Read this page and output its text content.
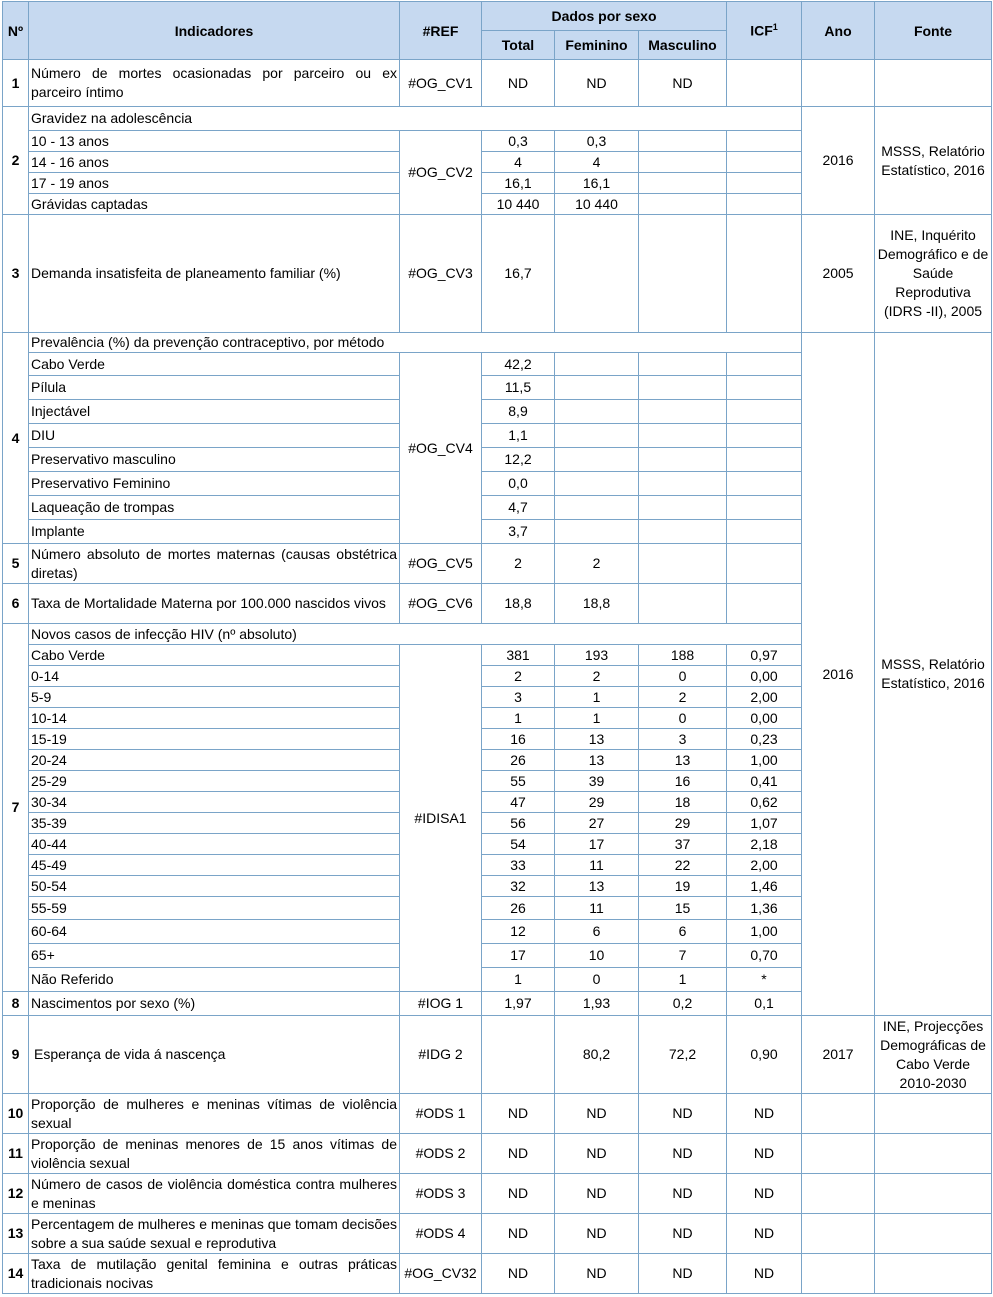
Nº	Indicadores	#REF	Dados por sexo			ICF$^1$	Ano	Fonte
			Total	Feminino	Masculino			
1	Número de mortes ocasionadas por parceiro ou ex parceiro íntimo	#OG_CV1	ND	ND	ND			
2	Gravidez na adolescência						2016	MSSS, Relatório Estatístico, 2016
	10 - 13 anos	#OG_CV2	0,3	0,3				
	14 - 16 anos		4	4				
	17 - 19 anos		16,1	16,1				
	Grávidas captadas		10 440	10 440				
3	Demanda insatisfeita de planeamento familiar (%)	#OG_CV3	16,7				2005	INE, Inquérito Demográfico e de Saúde Reprodutiva (IDRS -II), 2005
4	Prevalência (%) da prevenção contraceptivo, por método						2016	MSSS, Relatório Estatístico, 2016
	Cabo Verde	#OG_CV4	42,2					
	Pílula		11,5					
	Injectável		8,9					
	DIU		1,1					
	Preservativo masculino		12,2					
	Preservativo Feminino		0,0					
	Laqueação de trompas		4,7					
	Implante		3,7					
5	Número absoluto de mortes maternas (causas obstétrica diretas)	#OG_CV5	2	2				
6	Taxa de Mortalidade Materna por 100.000 nascidos vivos	#OG_CV6	18,8	18,8				
7	Novos casos de infecção HIV (nº absoluto)							
	Cabo Verde	#IDISA1	381	193	188	0,97		
	0-14		2	2	0	0,00		
	5-9		3	1	2	2,00		
	10-14		1	1	0	0,00		
	15-19		16	13	3	0,23		
	20-24		26	13	13	1,00		
	25-29		55	39	16	0,41		
	30-34		47	29	18	0,62		
	35-39		56	27	29	1,07		
	40-44		54	17	37	2,18		
	45-49		33	11	22	2,00		
	50-54		32	13	19	1,46		
	55-59		26	11	15	1,36		
	60-64		12	6	6	1,00		
	65+		17	10	7	0,70		
	Não Referido		1	0	1	*		
8	Nascimentos por sexo (%)	#IOG 1	1,97	1,93	0,2	0,1		
9	Esperança de vida á nascença	#IDG 2		80,2	72,2	0,90	2017	INE, Projecções Demográficas de Cabo Verde 2010-2030
10	Proporção de mulheres e meninas vítimas de violência sexual	#ODS 1	ND	ND	ND	ND		
11	Proporção de meninas menores de 15 anos vítimas de violência sexual	#ODS 2	ND	ND	ND	ND		
12	Número de casos de violência doméstica contra mulheres e meninas	#ODS 3	ND	ND	ND	ND		
13	Percentagem de mulheres e meninas que tomam decisões sobre a sua saúde sexual e reprodutiva	#ODS 4	ND	ND	ND	ND		
14	Taxa de mutilação genital feminina e outras práticas tradicionais nocivas	#OG_CV32	ND	ND	ND	ND		
